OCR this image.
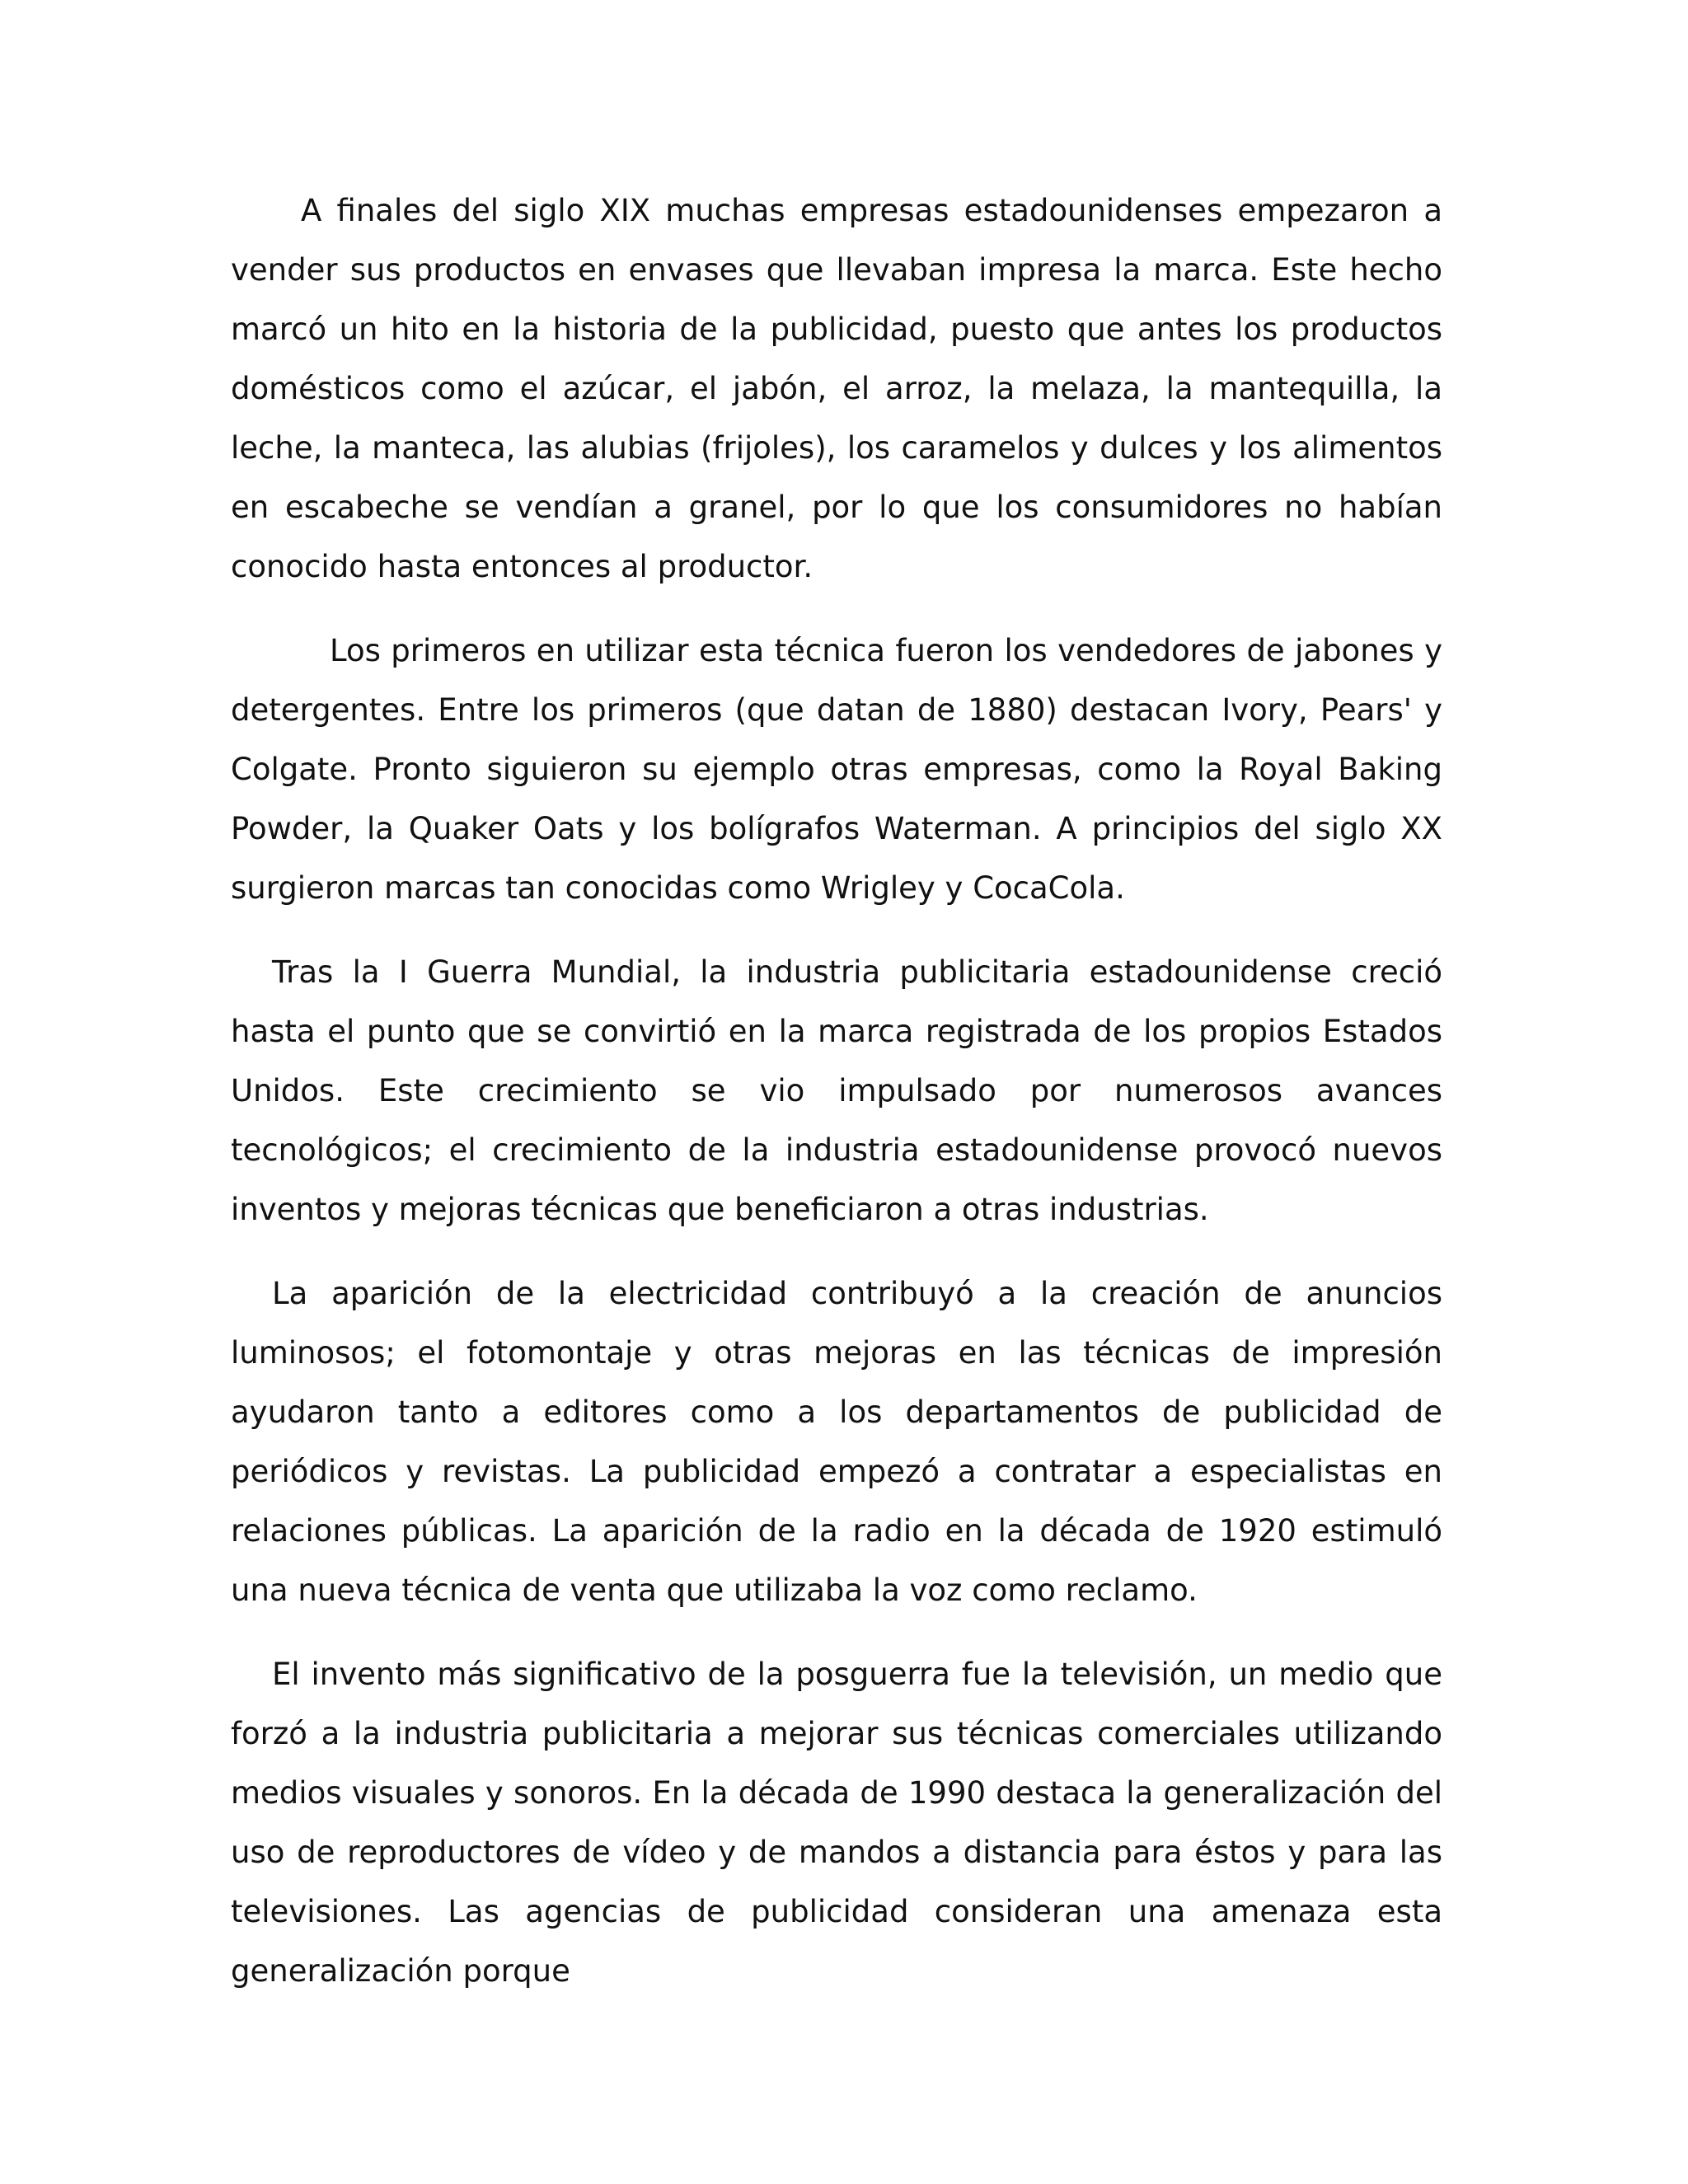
A finales del siglo XIX muchas empresas estadounidenses empezaron a vender sus productos en envases que llevaban impresa la marca. Este hecho marcó un hito en la historia de la publicidad, puesto que antes los productos domésticos como el azúcar, el jabón, el arroz, la melaza, la mantequilla, la leche, la manteca, las alubias (frijoles), los caramelos y dulces y los alimentos en escabeche se vendían a granel, por lo que los consumidores no habían conocido hasta entonces al productor.

Los primeros en utilizar esta técnica fueron los vendedores de jabones y detergentes. Entre los primeros (que datan de 1880) destacan Ivory, Pears' y Colgate. Pronto siguieron su ejemplo otras empresas, como la Royal Baking Powder, la Quaker Oats y los bolígrafos Waterman. A principios del siglo XX surgieron marcas tan conocidas como Wrigley y CocaCola.

Tras la I Guerra Mundial, la industria publicitaria estadounidense creció hasta el punto que se convirtió en la marca registrada de los propios Estados Unidos. Este crecimiento se vio impulsado por numerosos avances tecnológicos; el crecimiento de la industria estadounidense provocó nuevos inventos y mejoras técnicas que beneficiaron a otras industrias.

La aparición de la electricidad contribuyó a la creación de anuncios luminosos; el fotomontaje y otras mejoras en las técnicas de impresión ayudaron tanto a editores como a los departamentos de publicidad de periódicos y revistas. La publicidad empezó a contratar a especialistas en relaciones públicas. La aparición de la radio en la década de 1920 estimuló una nueva técnica de venta que utilizaba la voz como reclamo.

El invento más significativo de la posguerra fue la televisión, un medio que forzó a la industria publicitaria a mejorar sus técnicas comerciales utilizando medios visuales y sonoros. En la década de 1990 destaca la generalización del uso de reproductores de vídeo y de mandos a distancia para éstos y para las televisiones. Las agencias de publicidad consideran una amenaza esta generalización porque
